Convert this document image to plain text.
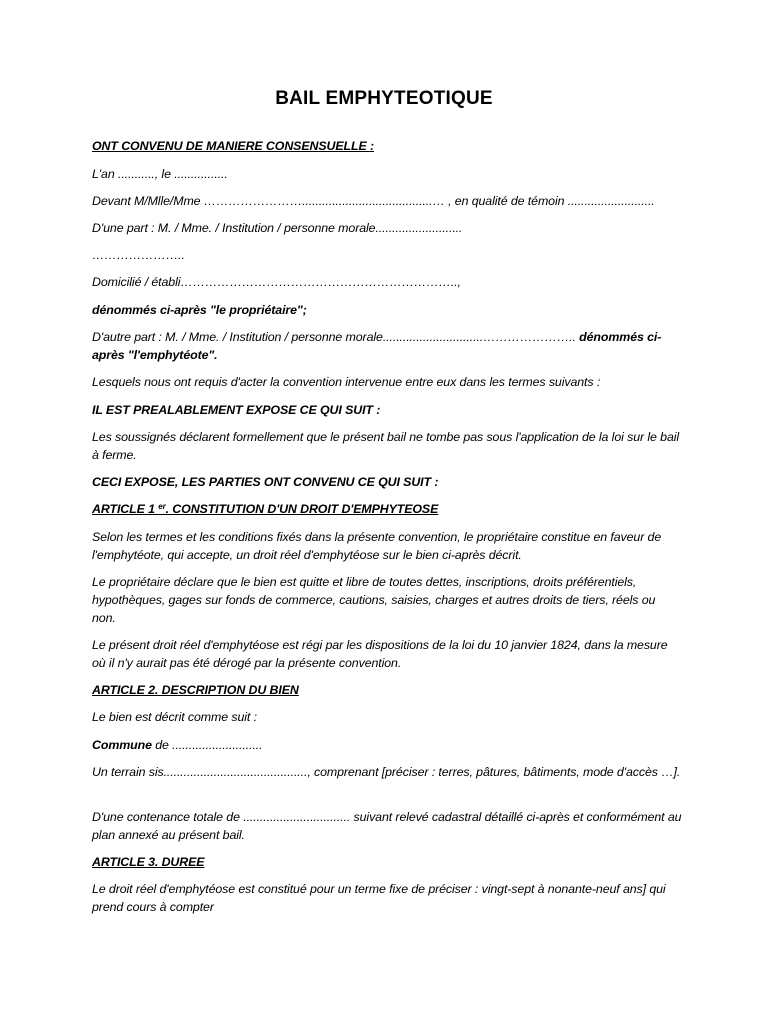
BAIL EMPHYTEOTIQUE
ONT CONVENU DE MANIERE CONSENSUELLE :
L'an ..........., le ................
Devant M/Mlle/Mme …………………….......................................… , en qualité de témoin ..........................
D'une part : M. / Mme. / Institution / personne morale..........................
…………………..
Domicilié / établi…………………………………………………………..,
dénommés ci-après "le propriétaire";
D'autre part : M. / Mme. / Institution / personne morale..............................………………….. dénommés ci-après "l'emphytéote".
Lesquels nous ont requis d'acter la convention intervenue entre eux dans les termes suivants :
IL EST PREALABLEMENT EXPOSE CE QUI SUIT :
Les soussignés déclarent formellement que le présent bail ne tombe pas sous l'application de la loi sur le bail à ferme.
CECI EXPOSE, LES PARTIES ONT CONVENU CE QUI SUIT :
ARTICLE 1 $^{er}$. CONSTITUTION D'UN DROIT D'EMPHYTEOSE
Selon les termes et les conditions fixés dans la présente convention, le propriétaire constitue en faveur de l'emphytéote, qui accepte, un droit réel d'emphytéose sur le bien ci-après décrit.
Le propriétaire déclare que le bien est quitte et libre de toutes dettes, inscriptions, droits préférentiels, hypothèques, gages sur fonds de commerce, cautions, saisies, charges et autres droits de tiers, réels ou non.
Le présent droit réel d'emphytéose est régi par les dispositions de la loi du 10 janvier 1824, dans la mesure où il n'y aurait pas été dérogé par la présente convention.
ARTICLE 2. DESCRIPTION DU BIEN
Le bien est décrit comme suit :
Commune de ...........................
Un terrain sis..........................................., comprenant [préciser : terres, pâtures, bâtiments, mode d'accès …].
D'une contenance totale de ................................ suivant relevé cadastral détaillé ci-après et conformément au plan annexé au présent bail.
ARTICLE 3. DUREE
Le droit réel d'emphytéose est constitué pour un terme fixe de préciser : vingt-sept à nonante-neuf ans] qui prend cours à compter
